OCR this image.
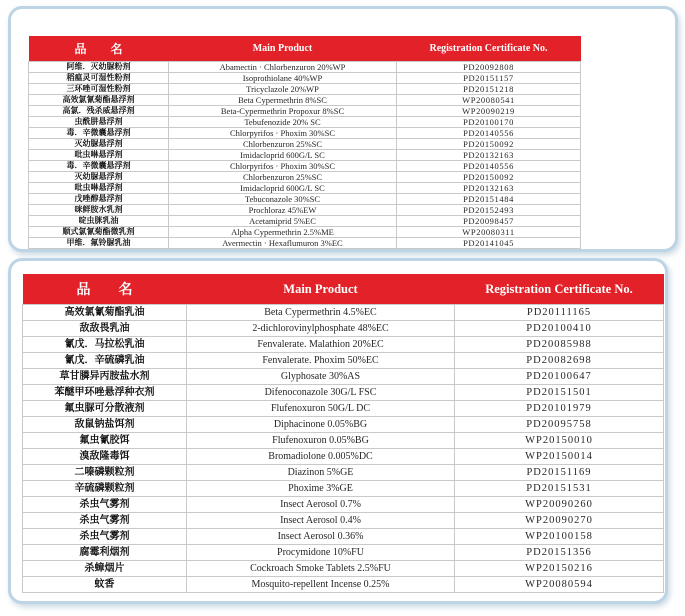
品　　名	Main Product	Registration Certificate No.
阿维．灭幼脲粉剂	Abamectin · Chlorbenzuron 20%WP	PD20092808
稻瘟灵可湿性粉剂	Isoprothiolane 40%WP	PD20151157
三环唑可湿性粉剂	Tricyclazole 20%WP	PD20151218
高效氯氰菊酯悬浮剂	Beta Cypermethrin 8%SC	WP20080541
高氯．残杀威悬浮剂	Beta-Cypermethrin Propoxur 8%SC	WP20090219
虫酰肼悬浮剂	Tebufenozide 20% SC	PD20100170
毒．辛微囊悬浮剂	Chlorpyrifos · Phoxim 30%SC	PD20140556
灭幼脲悬浮剂	Chlorbenzuron 25%SC	PD20150092
吡虫啉悬浮剂	Imidacloprid 600G/L SC	PD20132163
毒．辛微囊悬浮剂	Chlorpyrifos · Phoxim 30%SC	PD20140556
灭幼脲悬浮剂	Chlorbenzuron 25%SC	PD20150092
吡虫啉悬浮剂	Imidacloprid 600G/L SC	PD20132163
戊唑醇悬浮剂	Tebuconazole 30%SC	PD20151484
咪鲜胺水乳剂	Prochloraz 45%EW	PD20152493
啶虫脒乳油	Acetamiprid 5%EC	PD20098457
顺式氯氰菊酯微乳剂	Alpha Cypermethrin 2.5%ME	WP20080311
甲维．氟铃脲乳油	Avermectin · Hexaflumuron 3%EC	PD20141045
品　　名	Main Product	Registration Certificate No.
高效氯氰菊酯乳油	Beta Cypermethrin 4.5%EC	PD20111165
敌敌畏乳油	2-dichlorovinylphosphate 48%EC	PD20100410
氰戊．马拉松乳油	Fenvalerate. Malathion 20%EC	PD20085988
氰戊．辛硫磷乳油	Fenvalerate. Phoxim 50%EC	PD20082698
草甘膦异丙胺盐水剂	Glyphosate 30%AS	PD20100647
苯醚甲环唑悬浮种衣剂	Difenoconazole 30G/L FSC	PD20151501
氟虫脲可分散液剂	Flufenoxuron 50G/L DC	PD20101979
敌鼠钠盐饵剂	Diphacinone 0.05%BG	PD20095758
氟虫氰胶饵	Flufenoxuron 0.05%BG	WP20150010
溴敌隆毒饵	Bromadiolone 0.005%DC	WP20150014
二嗪磷颗粒剂	Diazinon 5%GE	PD20151169
辛硫磷颗粒剂	Phoxime 3%GE	PD20151531
杀虫气雾剂	Insect Aerosol 0.7%	WP20090260
杀虫气雾剂	Insect Aerosol 0.4%	WP20090270
杀虫气雾剂	Insect Aerosol 0.36%	WP20100158
腐霉利烟剂	Procymidone 10%FU	PD20151356
杀蟑烟片	Cockroach Smoke Tablets 2.5%FU	WP20150216
蚊香	Mosquito-repellent Incense 0.25%	WP20080594
